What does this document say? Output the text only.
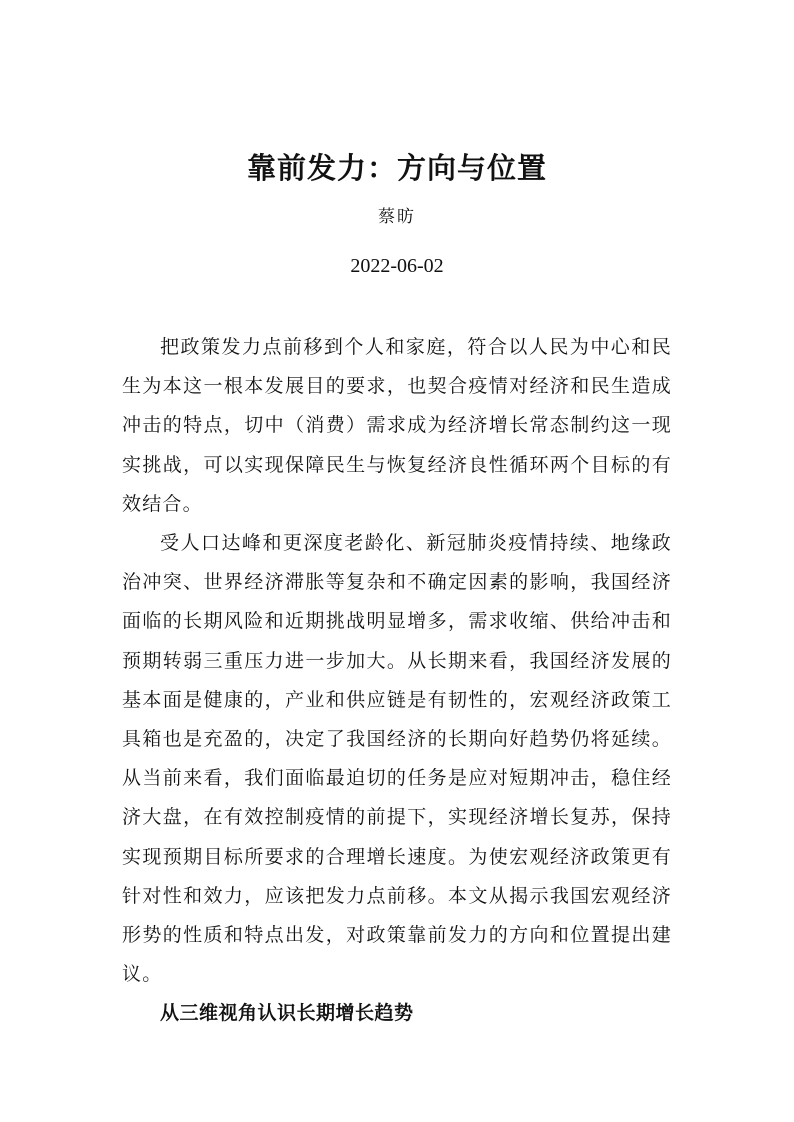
靠前发力：方向与位置
蔡昉
2022-06-02

把政策发力点前移到个人和家庭，符合以人民为中心和民生为本这一根本发展目的要求，也契合疫情对经济和民生造成冲击的特点，切中（消费）需求成为经济增长常态制约这一现实挑战，可以实现保障民生与恢复经济良性循环两个目标的有效结合。

受人口达峰和更深度老龄化、新冠肺炎疫情持续、地缘政治冲突、世界经济滞胀等复杂和不确定因素的影响，我国经济面临的长期风险和近期挑战明显增多，需求收缩、供给冲击和预期转弱三重压力进一步加大。从长期来看，我国经济发展的基本面是健康的，产业和供应链是有韧性的，宏观经济政策工具箱也是充盈的，决定了我国经济的长期向好趋势仍将延续。从当前来看，我们面临最迫切的任务是应对短期冲击，稳住经济大盘，在有效控制疫情的前提下，实现经济增长复苏，保持实现预期目标所要求的合理增长速度。为使宏观经济政策更有针对性和效力，应该把发力点前移。本文从揭示我国宏观经济形势的性质和特点出发，对政策靠前发力的方向和位置提出建议。

从三维视角认识长期增长趋势
